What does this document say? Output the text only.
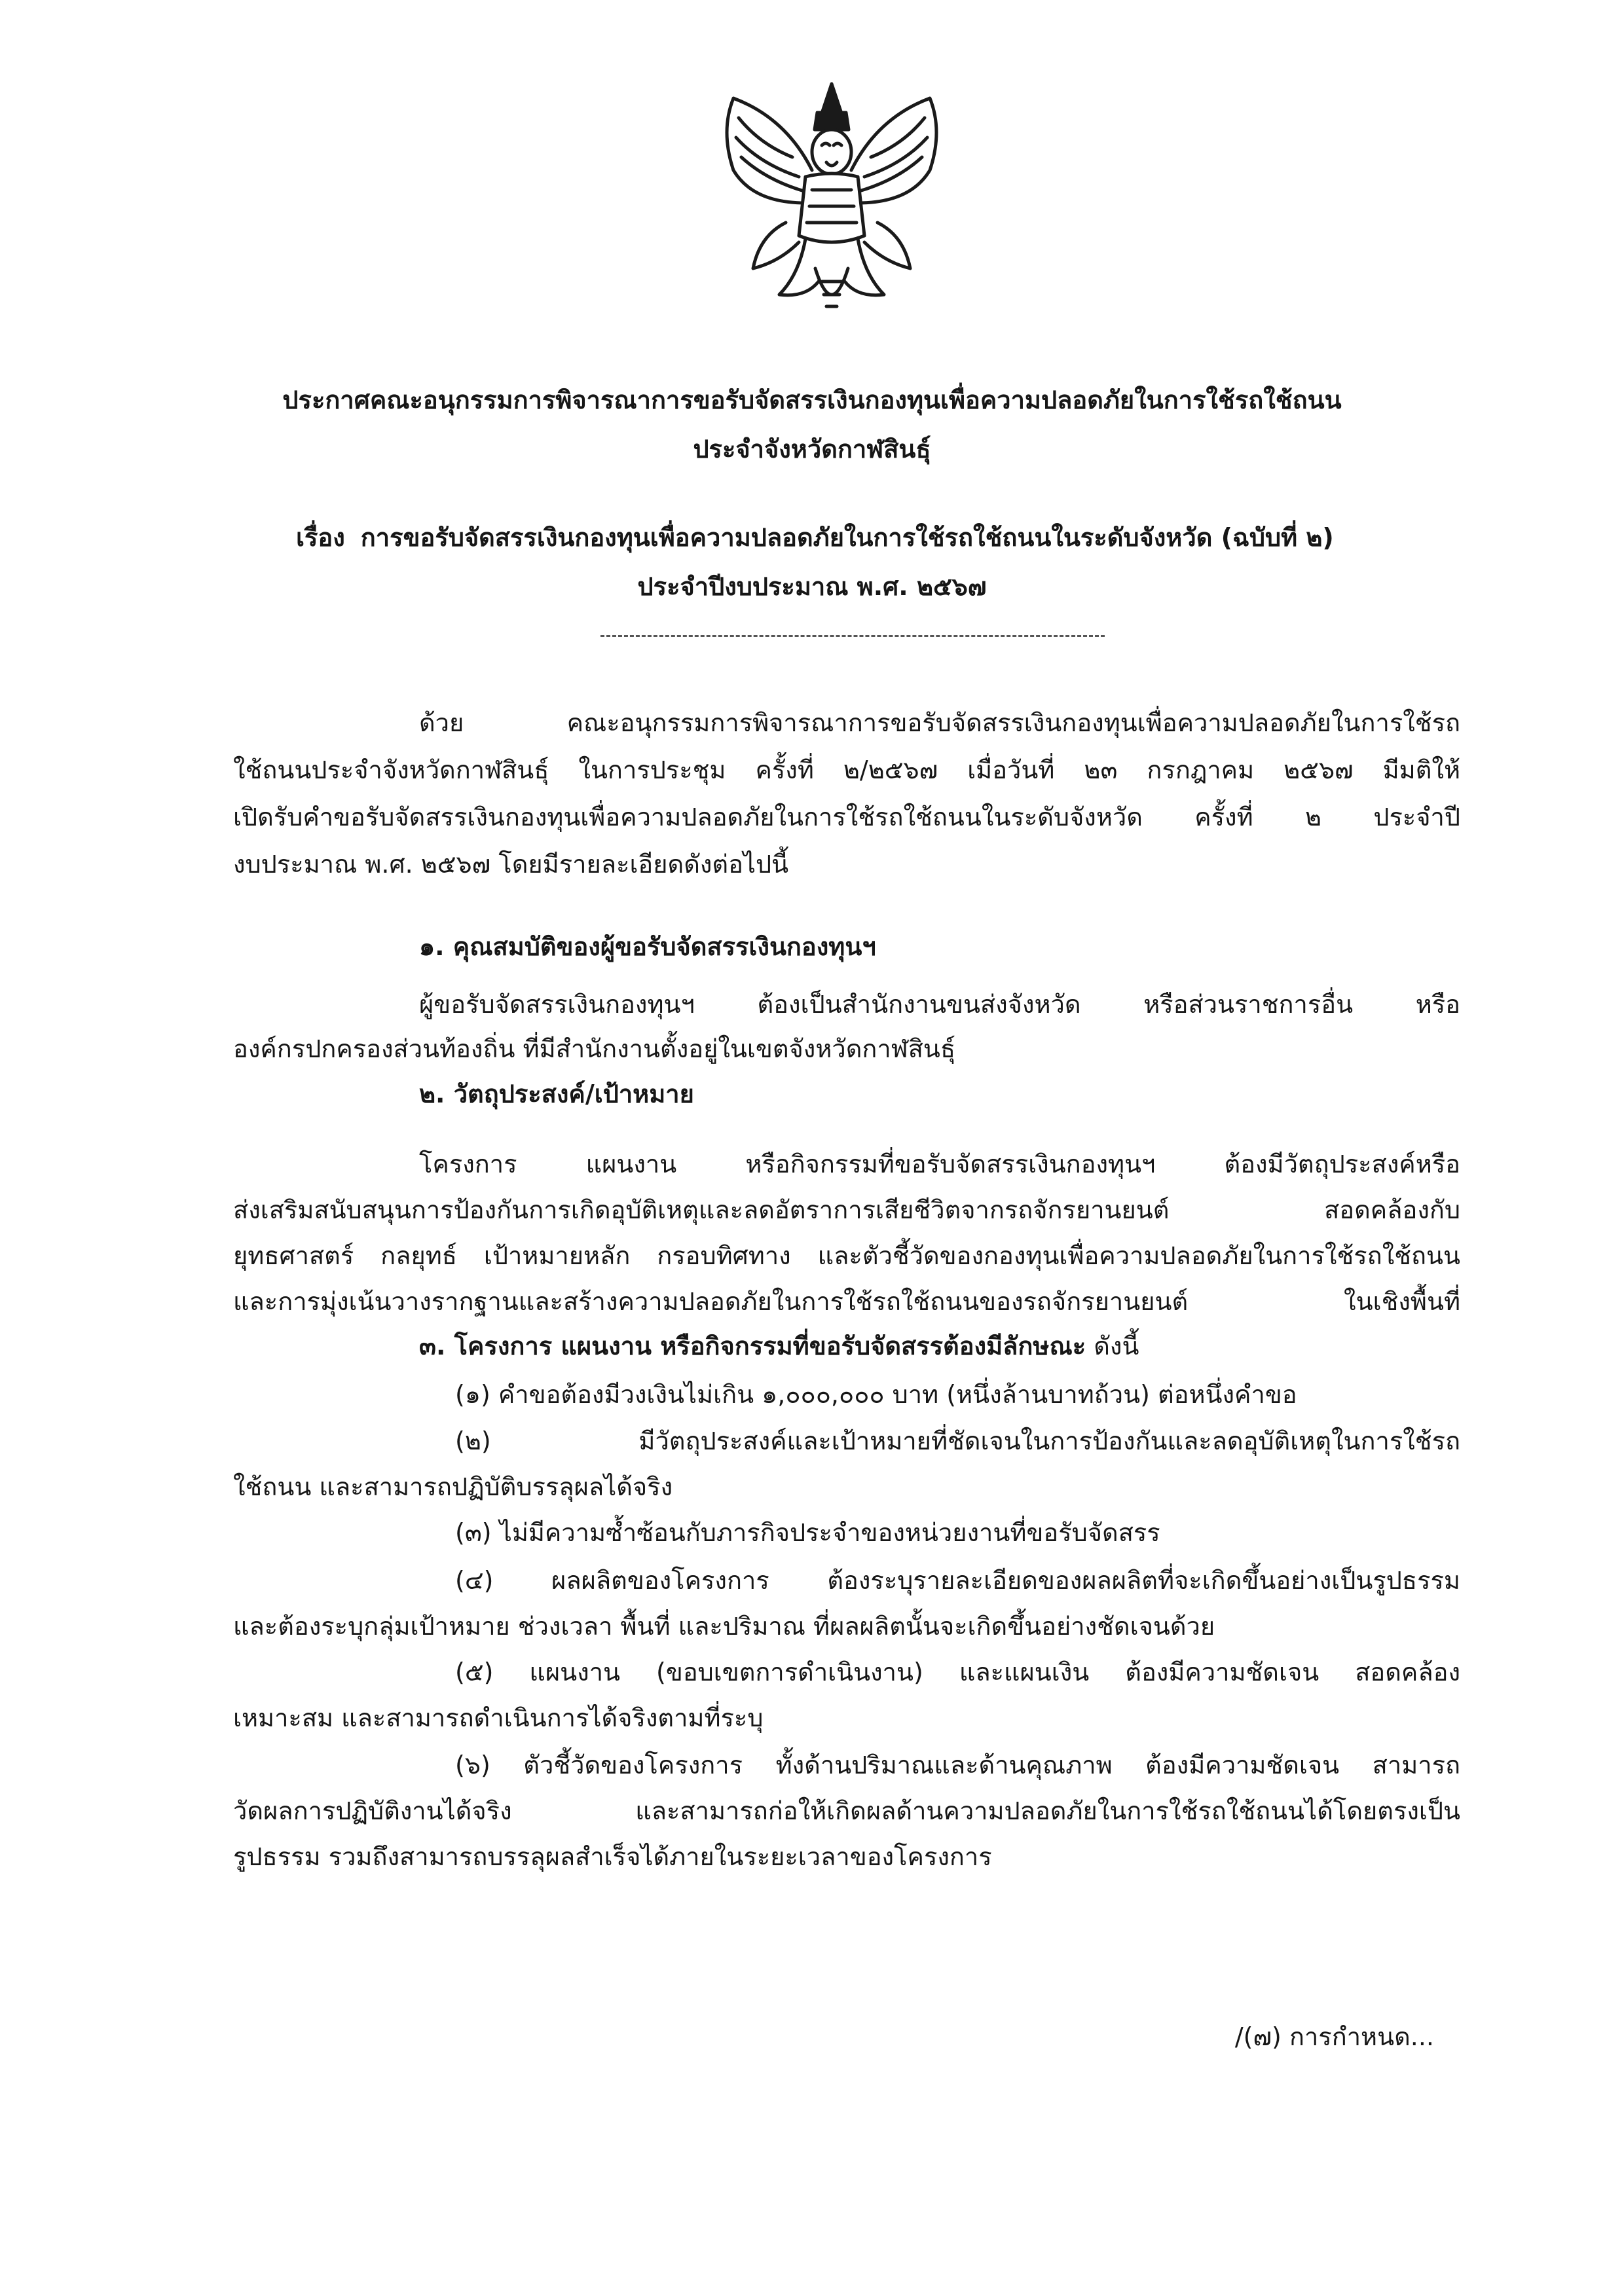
ประกาศคณะอนุกรรมการพิจารณาการขอรับจัดสรรเงินกองทุนเพื่อความปลอดภัยในการใช้รถใช้ถนน
ประจำจังหวัดกาฬสินธุ์
เรื่อง การขอรับจัดสรรเงินกองทุนเพื่อความปลอดภัยในการใช้รถใช้ถนนในระดับจังหวัด (ฉบับที่ ๒)
ประจำปีงบประมาณ พ.ศ. ๒๕๖๗
ด้วย คณะอนุกรรมการพิจารณาการขอรับจัดสรรเงินกองทุนเพื่อความปลอดภัยในการใช้รถ
ใช้ถนนประจำจังหวัดกาฬสินธุ์ ในการประชุม ครั้งที่ ๒/๒๕๖๗ เมื่อวันที่ ๒๓ กรกฎาคม ๒๕๖๗ มีมติให้
เปิดรับคำขอรับจัดสรรเงินกองทุนเพื่อความปลอดภัยในการใช้รถใช้ถนนในระดับจังหวัด ครั้งที่ ๒ ประจำปี
งบประมาณ พ.ศ. ๒๕๖๗ โดยมีรายละเอียดดังต่อไปนี้
๑. คุณสมบัติของผู้ขอรับจัดสรรเงินกองทุนฯ
ผู้ขอรับจัดสรรเงินกองทุนฯ ต้องเป็นสำนักงานขนส่งจังหวัด หรือส่วนราชการอื่น หรือ
องค์กรปกครองส่วนท้องถิ่น ที่มีสำนักงานตั้งอยู่ในเขตจังหวัดกาฬสินธุ์
๒. วัตถุประสงค์/เป้าหมาย
โครงการ แผนงาน หรือกิจกรรมที่ขอรับจัดสรรเงินกองทุนฯ ต้องมีวัตถุประสงค์หรือ
ส่งเสริมสนับสนุนการป้องกันการเกิดอุบัติเหตุและลดอัตราการเสียชีวิตจากรถจักรยานยนต์ สอดคล้องกับ
ยุทธศาสตร์ กลยุทธ์ เป้าหมายหลัก กรอบทิศทาง และตัวชี้วัดของกองทุนเพื่อความปลอดภัยในการใช้รถใช้ถนน
และการมุ่งเน้นวางรากฐานและสร้างความปลอดภัยในการใช้รถใช้ถนนของรถจักรยานยนต์ ในเชิงพื้นที่
๓. โครงการ แผนงาน หรือกิจกรรมที่ขอรับจัดสรรต้องมีลักษณะ ดังนี้
(๑) คำขอต้องมีวงเงินไม่เกิน ๑,๐๐๐,๐๐๐ บาท (หนึ่งล้านบาทถ้วน) ต่อหนึ่งคำขอ
(๒) มีวัตถุประสงค์และเป้าหมายที่ชัดเจนในการป้องกันและลดอุบัติเหตุในการใช้รถ
ใช้ถนน และสามารถปฏิบัติบรรลุผลได้จริง
(๓) ไม่มีความซ้ำซ้อนกับภารกิจประจำของหน่วยงานที่ขอรับจัดสรร
(๔) ผลผลิตของโครงการ ต้องระบุรายละเอียดของผลผลิตที่จะเกิดขึ้นอย่างเป็นรูปธรรม
และต้องระบุกลุ่มเป้าหมาย ช่วงเวลา พื้นที่ และปริมาณ ที่ผลผลิตนั้นจะเกิดขึ้นอย่างชัดเจนด้วย
(๕) แผนงาน (ขอบเขตการดำเนินงาน) และแผนเงิน ต้องมีความชัดเจน สอดคล้อง
เหมาะสม และสามารถดำเนินการได้จริงตามที่ระบุ
(๖) ตัวชี้วัดของโครงการ ทั้งด้านปริมาณและด้านคุณภาพ ต้องมีความชัดเจน สามารถ
วัดผลการปฏิบัติงานได้จริง และสามารถก่อให้เกิดผลด้านความปลอดภัยในการใช้รถใช้ถนนได้โดยตรงเป็น
รูปธรรม รวมถึงสามารถบรรลุผลสำเร็จได้ภายในระยะเวลาของโครงการ
/(๗) การกำหนด...
